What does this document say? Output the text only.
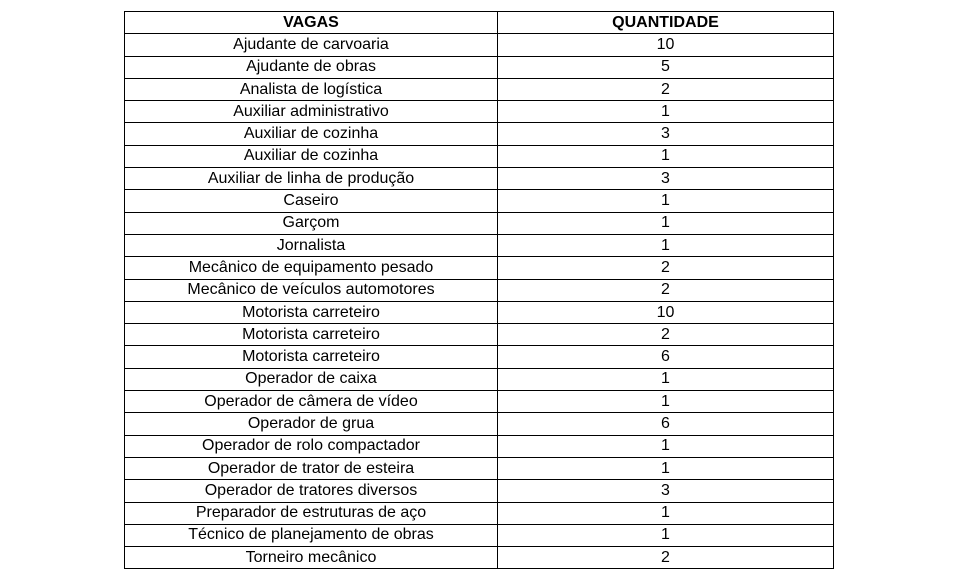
VAGAS	QUANTIDADE
Ajudante de carvoaria	10
Ajudante de obras	5
Analista de logística	2
Auxiliar administrativo	1
Auxiliar de cozinha	3
Auxiliar de cozinha	1
Auxiliar de linha de produção	3
Caseiro	1
Garçom	1
Jornalista	1
Mecânico de equipamento pesado	2
Mecânico de veículos automotores	2
Motorista carreteiro	10
Motorista carreteiro	2
Motorista carreteiro	6
Operador de caixa	1
Operador de câmera de vídeo	1
Operador de grua	6
Operador de rolo compactador	1
Operador de trator de esteira	1
Operador de tratores diversos	3
Preparador de estruturas de aço	1
Técnico de planejamento de obras	1
Torneiro mecânico	2
